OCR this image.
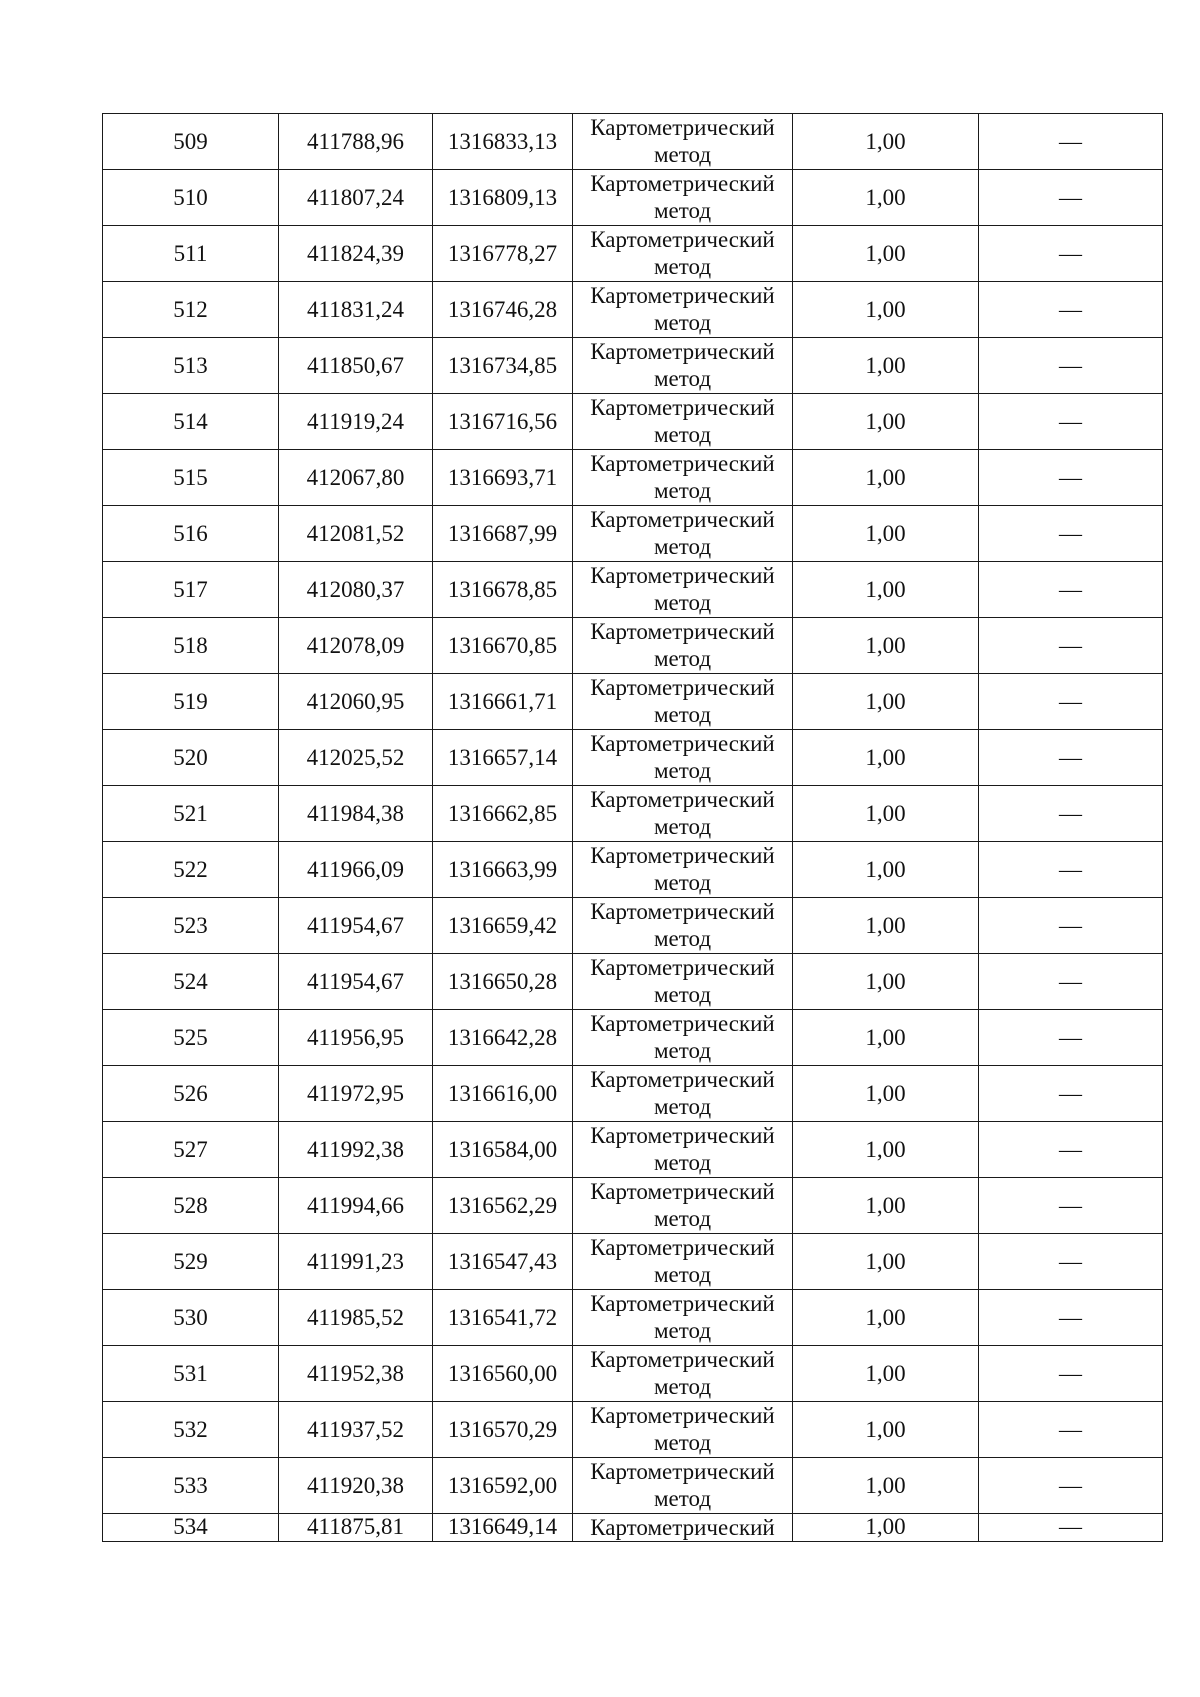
509	411788,96	1316833,13	Картометрический метод	1,00	—
510	411807,24	1316809,13	Картометрический метод	1,00	—
511	411824,39	1316778,27	Картометрический метод	1,00	—
512	411831,24	1316746,28	Картометрический метод	1,00	—
513	411850,67	1316734,85	Картометрический метод	1,00	—
514	411919,24	1316716,56	Картометрический метод	1,00	—
515	412067,80	1316693,71	Картометрический метод	1,00	—
516	412081,52	1316687,99	Картометрический метод	1,00	—
517	412080,37	1316678,85	Картометрический метод	1,00	—
518	412078,09	1316670,85	Картометрический метод	1,00	—
519	412060,95	1316661,71	Картометрический метод	1,00	—
520	412025,52	1316657,14	Картометрический метод	1,00	—
521	411984,38	1316662,85	Картометрический метод	1,00	—
522	411966,09	1316663,99	Картометрический метод	1,00	—
523	411954,67	1316659,42	Картометрический метод	1,00	—
524	411954,67	1316650,28	Картометрический метод	1,00	—
525	411956,95	1316642,28	Картометрический метод	1,00	—
526	411972,95	1316616,00	Картометрический метод	1,00	—
527	411992,38	1316584,00	Картометрический метод	1,00	—
528	411994,66	1316562,29	Картометрический метод	1,00	—
529	411991,23	1316547,43	Картометрический метод	1,00	—
530	411985,52	1316541,72	Картометрический метод	1,00	—
531	411952,38	1316560,00	Картометрический метод	1,00	—
532	411937,52	1316570,29	Картометрический метод	1,00	—
533	411920,38	1316592,00	Картометрический метод	1,00	—
534	411875,81	1316649,14	Картометрический	1,00	—
